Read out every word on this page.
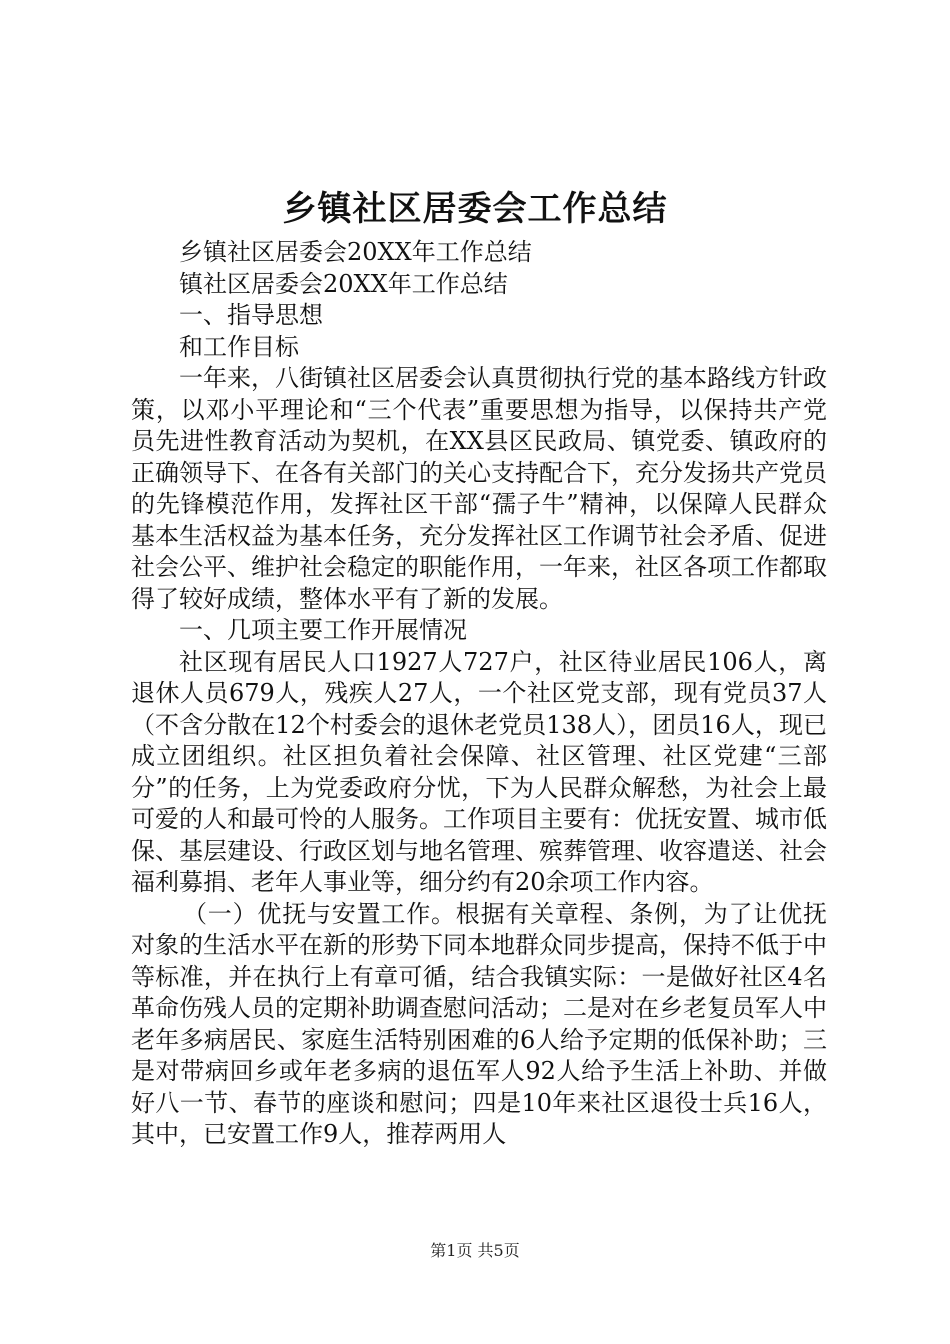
乡镇社区居委会工作总结

乡镇社区居委会20XX年工作总结

镇社区居委会20XX年工作总结

一、指导思想

和工作目标

一年来，八街镇社区居委会认真贯彻执行党的基本路线方针政策，以邓小平理论和“三个代表”重要思想为指导，以保持共产党员先进性教育活动为契机，在XX县区民政局、镇党委、镇政府的正确领导下、在各有关部门的关心支持配合下，充分发扬共产党员的先锋模范作用，发挥社区干部“孺子牛”精神，以保障人民群众基本生活权益为基本任务，充分发挥社区工作调节社会矛盾、促进社会公平、维护社会稳定的职能作用，一年来，社区各项工作都取得了较好成绩，整体水平有了新的发展。

一、几项主要工作开展情况

社区现有居民人口1927人727户，社区待业居民106人，离退休人员679人，残疾人27人，一个社区党支部，现有党员37人（不含分散在12个村委会的退休老党员138人），团员16人，现已成立团组织。社区担负着社会保障、社区管理、社区党建“三部分”的任务，上为党委政府分忧，下为人民群众解愁，为社会上最可爱的人和最可怜的人服务。工作项目主要有：优抚安置、城市低保、基层建设、行政区划与地名管理、殡葬管理、收容遣送、社会福利募捐、老年人事业等，细分约有20余项工作内容。

（一）优抚与安置工作。根据有关章程、条例，为了让优抚对象的生活水平在新的形势下同本地群众同步提高，保持不低于中等标准，并在执行上有章可循，结合我镇实际：一是做好社区4名革命伤残人员的定期补助调查慰问活动；二是对在乡老复员军人中老年多病居民、家庭生活特别困难的6人给予定期的低保补助；三是对带病回乡或年老多病的退伍军人92人给予生活上补助、并做好八一节、春节的座谈和慰问；四是10年来社区退役士兵16人，其中，已安置工作9人，推荐两用人

第1页 共5页
